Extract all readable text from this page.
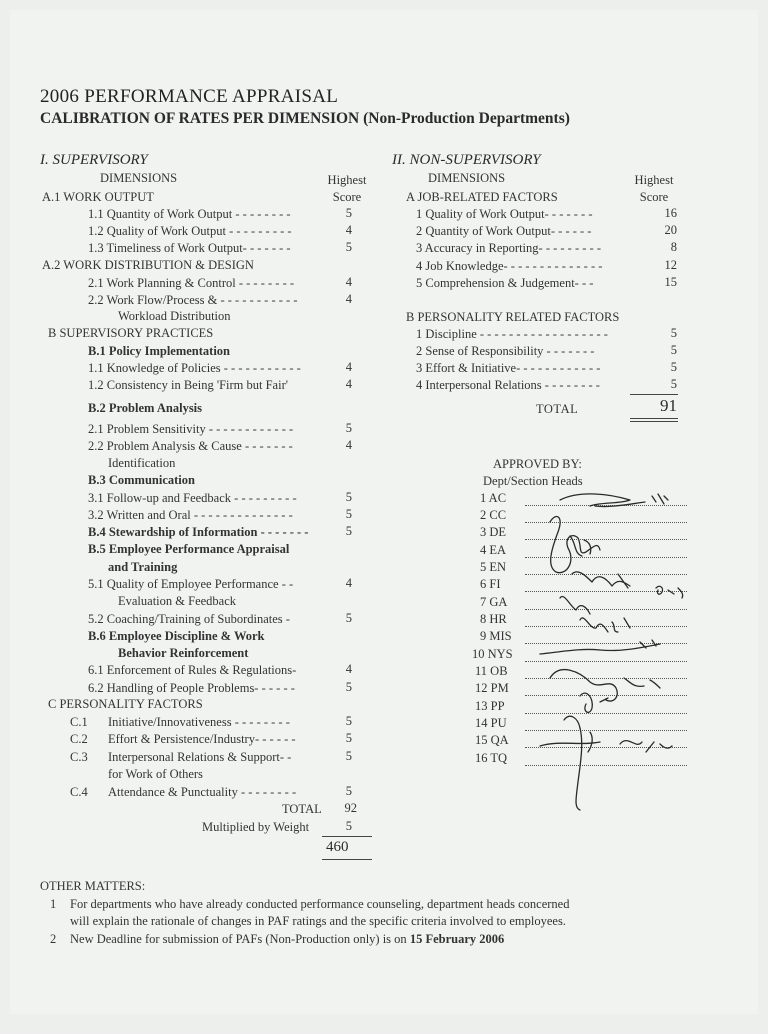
2006 PERFORMANCE APPRAISAL
CALIBRATION OF RATES PER DIMENSION (Non-Production Departments)
I. SUPERVISORY
DIMENSIONS	Highest
Score
A.1 WORK OUTPUT
1.1 Quantity of Work Output - - - - - - - -	5
1.2 Quality of Work Output - - - - - - - - -	4
1.3 Timeliness of Work Output- - - - - - -	5
A.2 WORK DISTRIBUTION & DESIGN
2.1 Work Planning & Control - - - - - - - -	4
2.2 Work Flow/Process & - - - - - - - - - - -	4
Workload Distribution
B SUPERVISORY PRACTICES
B.1 Policy Implementation
1.1 Knowledge of Policies - - - - - - - - - - -	4
1.2 Consistency in Being 'Firm but Fair'	4
B.2 Problem Analysis
2.1 Problem Sensitivity - - - - - - - - - - - -	5
2.2 Problem Analysis & Cause - - - - - - -	4
Identification
B.3 Communication
3.1 Follow-up and Feedback - - - - - - - - -	5
3.2 Written and Oral - - - - - - - - - - - - - -	5
B.4 Stewardship of Information - - - - - - -	5
B.5 Employee Performance Appraisal
and Training
5.1 Quality of Employee Performance - -	4
Evaluation & Feedback
5.2 Coaching/Training of Subordinates -	5
B.6 Employee Discipline & Work
Behavior Reinforcement
6.1 Enforcement of Rules & Regulations-	4
6.2 Handling of People Problems- - - - - -	5
C PERSONALITY FACTORS
C.1 Initiative/Innovativeness - - - - - - - -	5
C.2 Effort & Persistence/Industry- - - - - -	5
C.3 Interpersonal Relations & Support- -	5
for Work of Others
C.4 Attendance & Punctuality - - - - - - - -	5
TOTAL	92
Multiplied by Weight	5
460
II. NON-SUPERVISORY
DIMENSIONS	Highest
Score
A JOB-RELATED FACTORS
1 Quality of Work Output- - - - - - -	16
2 Quantity of Work Output- - - - - -	20
3 Accuracy in Reporting- - - - - - - - -	8
4 Job Knowledge- - - - - - - - - - - - - -	12
5 Comprehension & Judgement- - -	15
B PERSONALITY RELATED FACTORS
1 Discipline - - - - - - - - - - - - - - - - - -	5
2 Sense of Responsibility - - - - - - -	5
3 Effort & Initiative- - - - - - - - - - - -	5
4 Interpersonal Relations - - - - - - - -	5
TOTAL	91
APPROVED BY:
Dept/Section Heads
1 AC
2 CC
3 DE
4 EA
5 EN
6 FI
7 GA
8 HR
9 MIS
10 NYS
11 OB
12 PM
13 PP
14 PU
15 QA
16 TQ
OTHER MATTERS:
1 For departments who have already conducted performance counseling, department heads concerned
will explain the rationale of changes in PAF ratings and the specific criteria involved to employees.
2 New Deadline for submission of PAFs (Non-Production only) is on 15 February 2006
